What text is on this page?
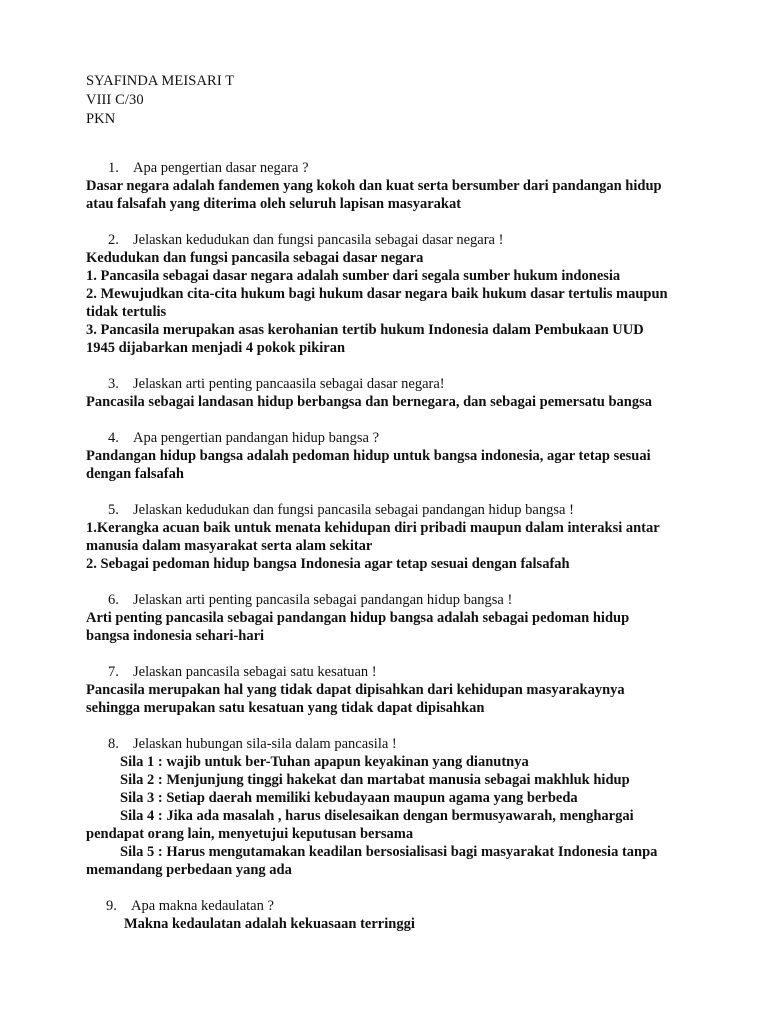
SYAFINDA MEISARI T
VIII C/30
PKN
1. Apa pengertian dasar negara ?
Dasar negara adalah fandemen yang kokoh dan kuat serta bersumber dari pandangan hidup
atau falsafah yang diterima oleh seluruh lapisan masyarakat
2. Jelaskan kedudukan dan fungsi pancasila sebagai dasar negara !
Kedudukan dan fungsi pancasila sebagai dasar negara
1. Pancasila sebagai dasar negara adalah sumber dari segala sumber hukum indonesia
2. Mewujudkan cita-cita hukum bagi hukum dasar negara baik hukum dasar tertulis maupun
tidak tertulis
3. Pancasila merupakan asas kerohanian tertib hukum Indonesia dalam Pembukaan UUD
1945 dijabarkan menjadi 4 pokok pikiran
3. Jelaskan arti penting pancaasila sebagai dasar negara!
Pancasila sebagai landasan hidup berbangsa dan bernegara, dan sebagai pemersatu bangsa
4. Apa pengertian pandangan hidup bangsa ?
Pandangan hidup bangsa adalah pedoman hidup untuk bangsa indonesia, agar tetap sesuai
dengan falsafah
5. Jelaskan kedudukan dan fungsi pancasila sebagai pandangan hidup bangsa !
1.Kerangka acuan baik untuk menata kehidupan diri pribadi maupun dalam interaksi antar
manusia dalam masyarakat serta alam sekitar
2. Sebagai pedoman hidup bangsa Indonesia agar tetap sesuai dengan falsafah
6. Jelaskan arti penting pancasila sebagai pandangan hidup bangsa !
Arti penting pancasila sebagai pandangan hidup bangsa adalah sebagai pedoman hidup
bangsa indonesia sehari-hari
7. Jelaskan pancasila sebagai satu kesatuan !
Pancasila merupakan hal yang tidak dapat dipisahkan dari kehidupan masyarakaynya
sehingga merupakan satu kesatuan yang tidak dapat dipisahkan
8. Jelaskan hubungan sila-sila dalam pancasila !
Sila 1 : wajib untuk ber-Tuhan apapun keyakinan yang dianutnya
Sila 2 : Menjunjung tinggi hakekat dan martabat manusia sebagai makhluk hidup
Sila 3 : Setiap daerah memiliki kebudayaan maupun agama yang berbeda
Sila 4 : Jika ada masalah , harus diselesaikan dengan bermusyawarah, menghargai
pendapat orang lain, menyetujui keputusan bersama
Sila 5 : Harus mengutamakan keadilan bersosialisasi bagi masyarakat Indonesia tanpa
memandang perbedaan yang ada
9. Apa makna kedaulatan ?
Makna kedaulatan adalah kekuasaan terringgi
